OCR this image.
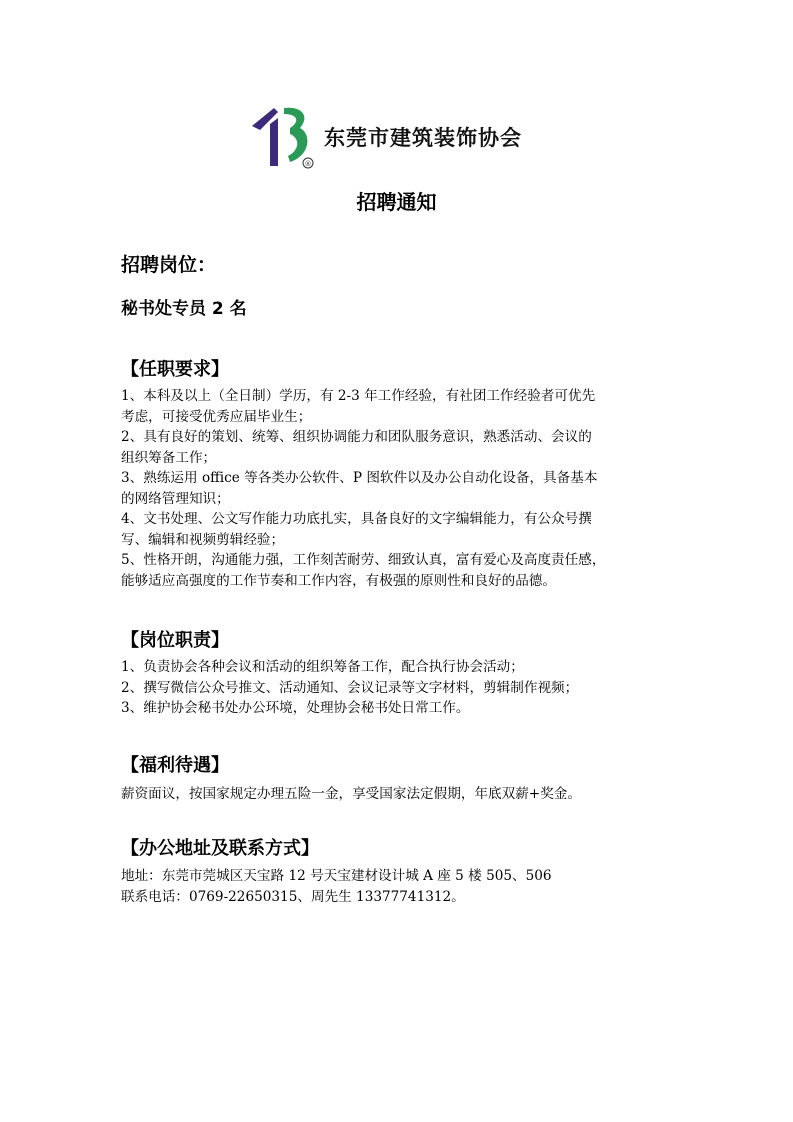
®
东莞市建筑装饰协会
招聘通知
招聘岗位：
秘书处专员 2 名
【任职要求】
1、本科及以上（全日制）学历，有 2-3 年工作经验，有社团工作经验者可优先
考虑，可接受优秀应届毕业生；
2、具有良好的策划、统筹、组织协调能力和团队服务意识，熟悉活动、会议的
组织筹备工作；
3、熟练运用 office 等各类办公软件、P 图软件以及办公自动化设备，具备基本
的网络管理知识；
4、文书处理、公文写作能力功底扎实，具备良好的文字编辑能力，有公众号撰
写、编辑和视频剪辑经验；
5、性格开朗，沟通能力强，工作刻苦耐劳、细致认真，富有爱心及高度责任感，
能够适应高强度的工作节奏和工作内容，有极强的原则性和良好的品德。
【岗位职责】
1、负责协会各种会议和活动的组织筹备工作，配合执行协会活动；
2、撰写微信公众号推文、活动通知、会议记录等文字材料，剪辑制作视频；
3、维护协会秘书处办公环境，处理协会秘书处日常工作。
【福利待遇】
薪资面议，按国家规定办理五险一金，享受国家法定假期，年底双薪+奖金。
【办公地址及联系方式】
地址：东莞市莞城区天宝路 12 号天宝建材设计城 A 座 5 楼 505、506
联系电话：0769-22650315、周先生 13377741312。
